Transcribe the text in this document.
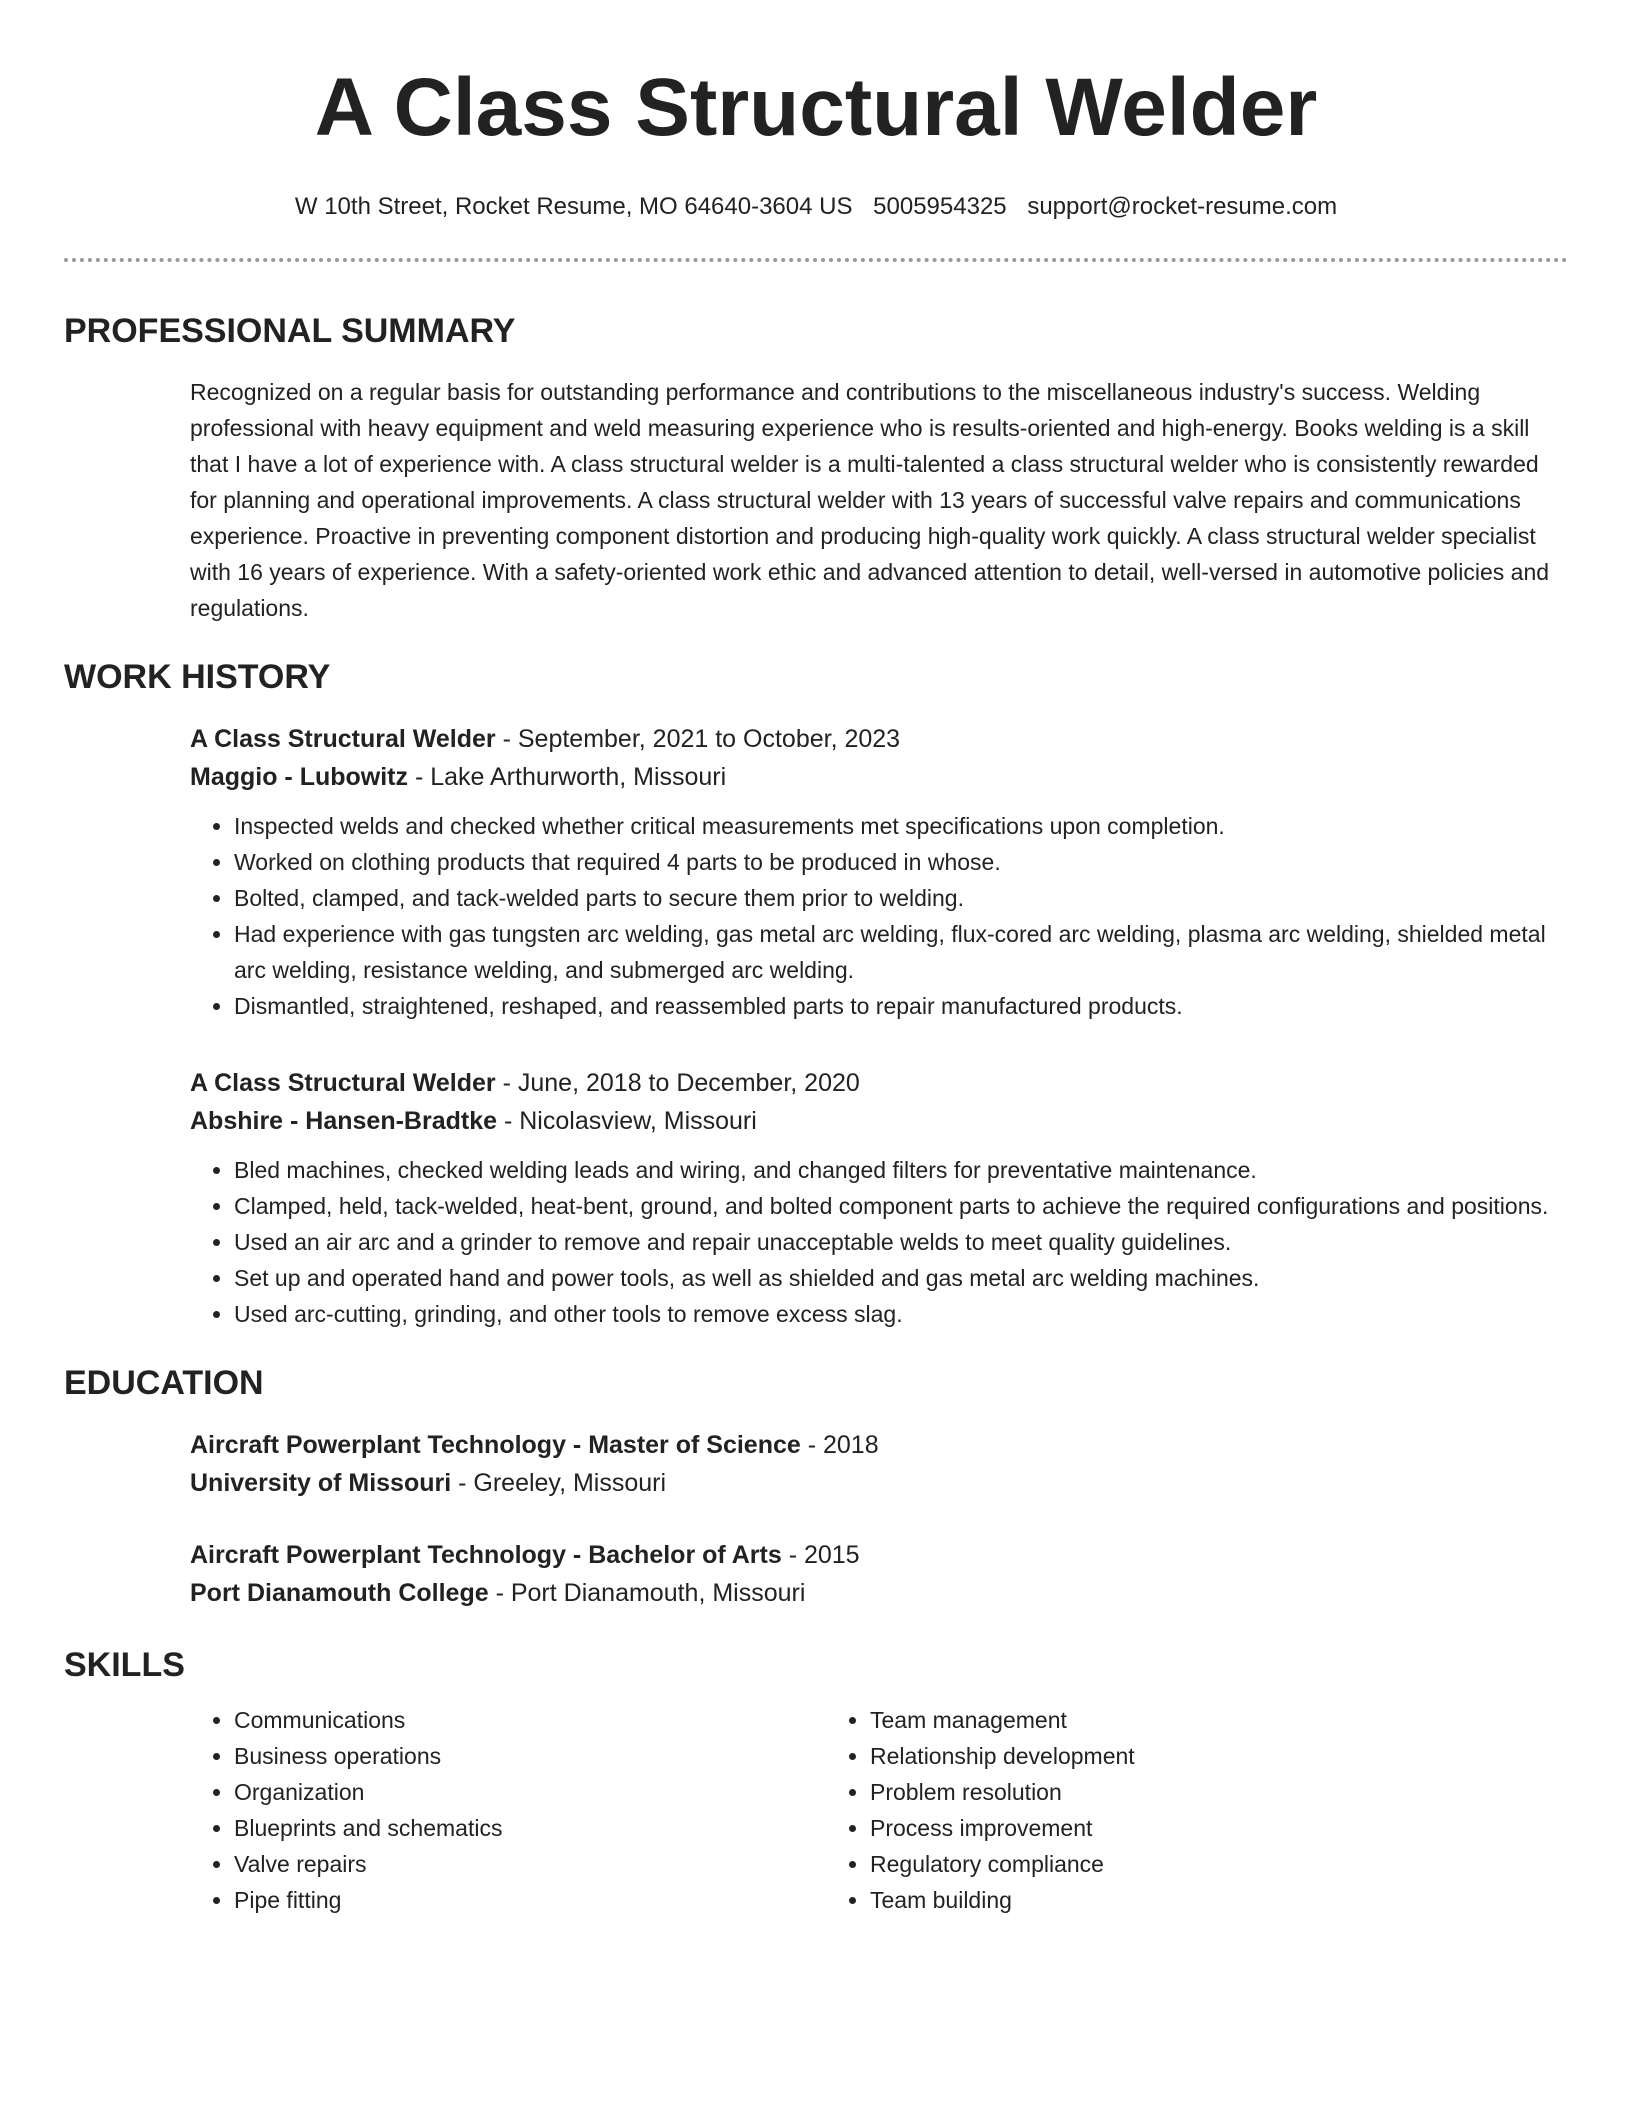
A Class Structural Welder
W 10th Street, Rocket Resume, MO 64640-3604 US 5005954325 support@rocket-resume.com
PROFESSIONAL SUMMARY
Recognized on a regular basis for outstanding performance and contributions to the miscellaneous industry's success. Welding professional with heavy equipment and weld measuring experience who is results-oriented and high-energy. Books welding is a skill that I have a lot of experience with. A class structural welder is a multi-talented a class structural welder who is consistently rewarded for planning and operational improvements. A class structural welder with 13 years of successful valve repairs and communications experience. Proactive in preventing component distortion and producing high-quality work quickly. A class structural welder specialist with 16 years of experience. With a safety-oriented work ethic and advanced attention to detail, well-versed in automotive policies and regulations.
WORK HISTORY
A Class Structural Welder - September, 2021 to October, 2023
Maggio - Lubowitz - Lake Arthurworth, Missouri
• Inspected welds and checked whether critical measurements met specifications upon completion.
• Worked on clothing products that required 4 parts to be produced in whose.
• Bolted, clamped, and tack-welded parts to secure them prior to welding.
• Had experience with gas tungsten arc welding, gas metal arc welding, flux-cored arc welding, plasma arc welding, shielded metal arc welding, resistance welding, and submerged arc welding.
• Dismantled, straightened, reshaped, and reassembled parts to repair manufactured products.
A Class Structural Welder - June, 2018 to December, 2020
Abshire - Hansen-Bradtke - Nicolasview, Missouri
• Bled machines, checked welding leads and wiring, and changed filters for preventative maintenance.
• Clamped, held, tack-welded, heat-bent, ground, and bolted component parts to achieve the required configurations and positions.
• Used an air arc and a grinder to remove and repair unacceptable welds to meet quality guidelines.
• Set up and operated hand and power tools, as well as shielded and gas metal arc welding machines.
• Used arc-cutting, grinding, and other tools to remove excess slag.
EDUCATION
Aircraft Powerplant Technology - Master of Science - 2018
University of Missouri - Greeley, Missouri
Aircraft Powerplant Technology - Bachelor of Arts - 2015
Port Dianamouth College - Port Dianamouth, Missouri
SKILLS
• Communications
• Business operations
• Organization
• Blueprints and schematics
• Valve repairs
• Pipe fitting
• Team management
• Relationship development
• Problem resolution
• Process improvement
• Regulatory compliance
• Team building
